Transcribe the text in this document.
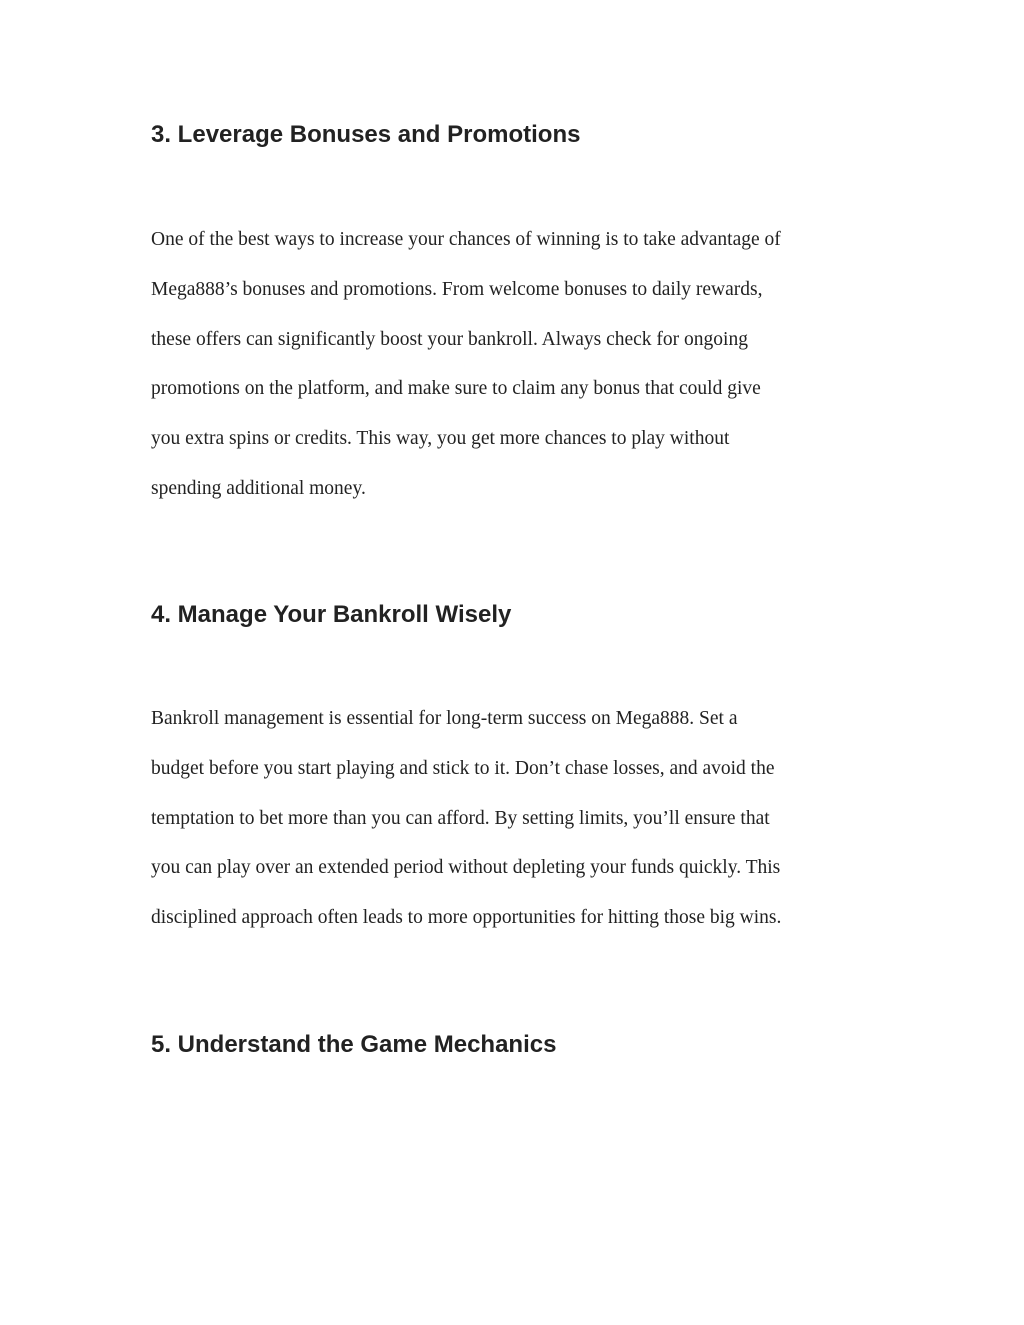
3. Leverage Bonuses and Promotions
One of the best ways to increase your chances of winning is to take advantage of
Mega888’s bonuses and promotions. From welcome bonuses to daily rewards,
these offers can significantly boost your bankroll. Always check for ongoing
promotions on the platform, and make sure to claim any bonus that could give
you extra spins or credits. This way, you get more chances to play without
spending additional money.
4. Manage Your Bankroll Wisely
Bankroll management is essential for long-term success on Mega888. Set a
budget before you start playing and stick to it. Don’t chase losses, and avoid the
temptation to bet more than you can afford. By setting limits, you’ll ensure that
you can play over an extended period without depleting your funds quickly. This
disciplined approach often leads to more opportunities for hitting those big wins.
5. Understand the Game Mechanics
